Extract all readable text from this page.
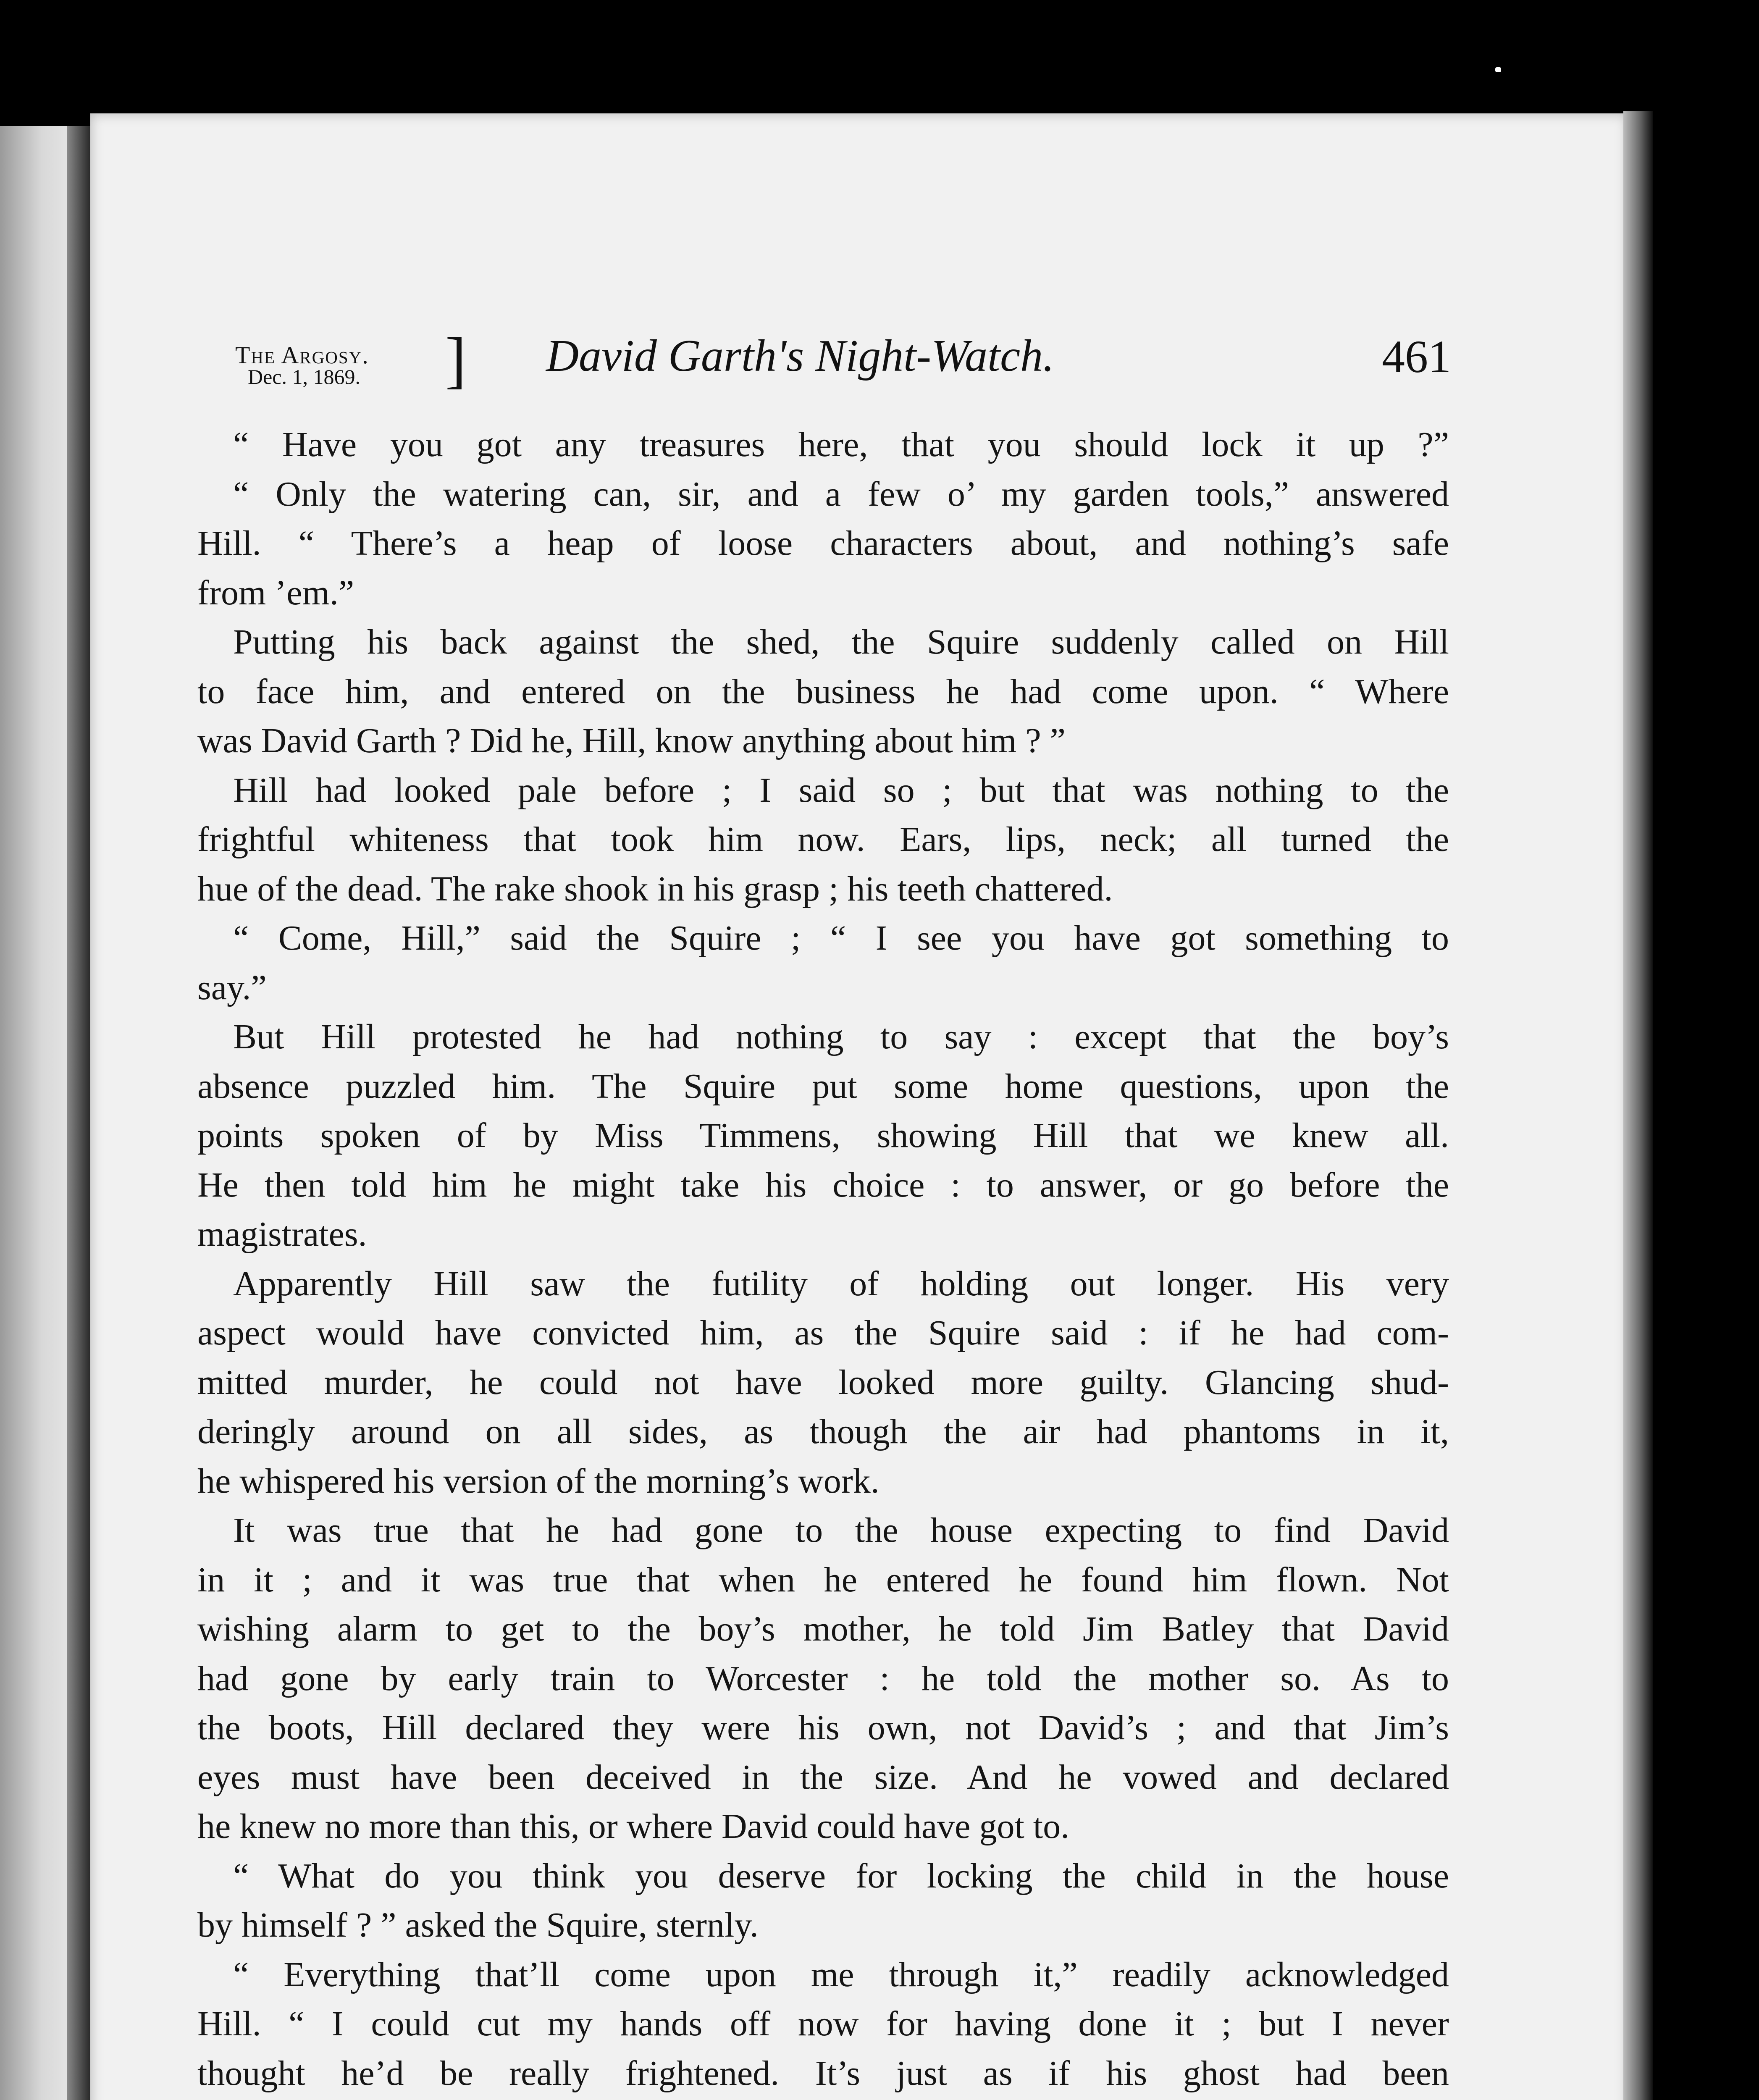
The Argosy.
Dec. 1, 1869. ] David Garth's Night-Watch.	461
“ Have you got any treasures here, that you should lock it up ?”
“ Only the watering can, sir, and a few o’ my garden tools,” answered
Hill. “ There’s a heap of loose characters about, and nothing’s safe
from ’em.”
Putting his back against the shed, the Squire suddenly called on Hill
to face him, and entered on the business he had come upon. “ Where
was David Garth ? Did he, Hill, know anything about him ? ”
Hill had looked pale before ; I said so ; but that was nothing to the
frightful whiteness that took him now. Ears, lips, neck; all turned the
hue of the dead. The rake shook in his grasp ; his teeth chattered.
“ Come, Hill,” said the Squire ; “ I see you have got something to
say.”
But Hill protested he had nothing to say : except that the boy’s
absence puzzled him. The Squire put some home questions, upon the
points spoken of by Miss Timmens, showing Hill that we knew all.
He then told him he might take his choice : to answer, or go before the
magistrates.
Apparently Hill saw the futility of holding out longer. His very
aspect would have convicted him, as the Squire said : if he had com-
mitted murder, he could not have looked more guilty. Glancing shud-
deringly around on all sides, as though the air had phantoms in it,
he whispered his version of the morning’s work.
It was true that he had gone to the house expecting to find David
in it ; and it was true that when he entered he found him flown. Not
wishing alarm to get to the boy’s mother, he told Jim Batley that David
had gone by early train to Worcester : he told the mother so. As to
the boots, Hill declared they were his own, not David’s ; and that Jim’s
eyes must have been deceived in the size. And he vowed and declared
he knew no more than this, or where David could have got to.
“ What do you think you deserve for locking the child in the house
by himself ? ” asked the Squire, sternly.
“ Everything that’ll come upon me through it,” readily acknowledged
Hill. “ I could cut my hands off now for having done it ; but I never
thought he’d be really frightened. It’s just as if his ghost had been
